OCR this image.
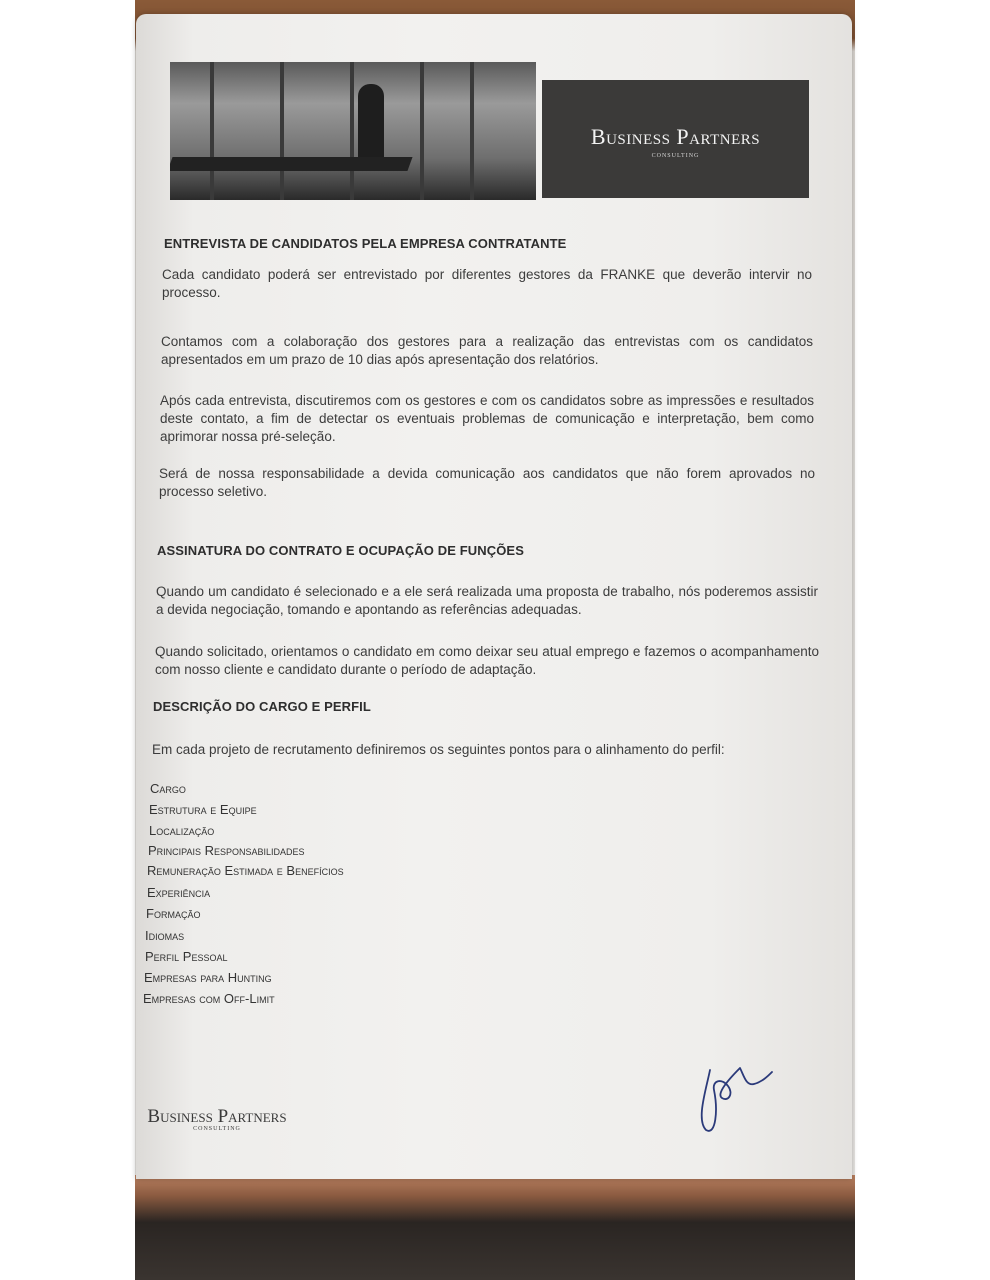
Business Partners
CONSULTING
ENTREVISTA DE CANDIDATOS PELA EMPRESA CONTRATANTE
Cada candidato poderá ser entrevistado por diferentes gestores da FRANKE que deverão intervir no processo.
Contamos com a colaboração dos gestores para a realização das entrevistas com os candidatos apresentados em um prazo de 10 dias após apresentação dos relatórios.
Após cada entrevista, discutiremos com os gestores e com os candidatos sobre as impressões e resultados deste contato, a fim de detectar os eventuais problemas de comunicação e interpretação, bem como aprimorar nossa pré-seleção.
Será de nossa responsabilidade a devida comunicação aos candidatos que não forem aprovados no processo seletivo.
ASSINATURA DO CONTRATO E OCUPAÇÃO DE FUNÇÕES
Quando um candidato é selecionado e a ele será realizada uma proposta de trabalho, nós poderemos assistir a devida negociação, tomando e apontando as referências adequadas.
Quando solicitado, orientamos o candidato em como deixar seu atual emprego e fazemos o acompanhamento com nosso cliente e candidato durante o período de adaptação.
DESCRIÇÃO DO CARGO E PERFIL
Em cada projeto de recrutamento definiremos os seguintes pontos para o alinhamento do perfil:
Cargo
Estrutura e Equipe
Localização
Principais Responsabilidades
Remuneração Estimada e Benefícios
Experiência
Formação
Idiomas
Perfil Pessoal
Empresas para Hunting
Empresas com Off-Limit
Business Partners
CONSULTING
